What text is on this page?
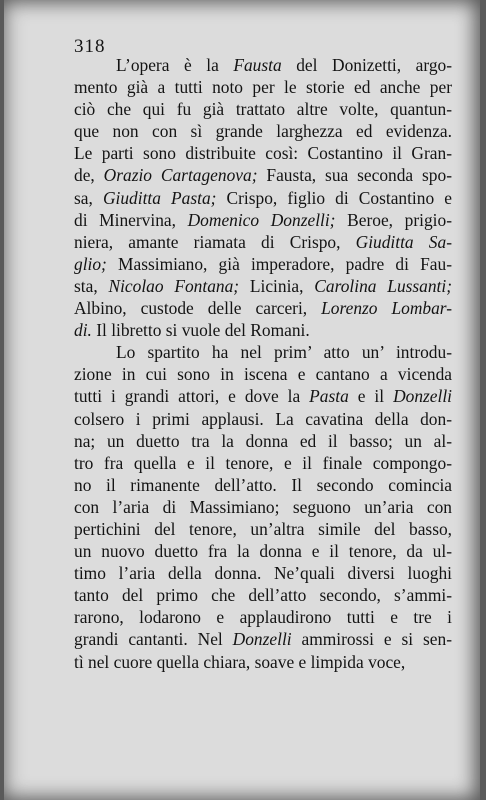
318
L’opera è la Fausta del Donizetti, argo-
mento già a tutti noto per le storie ed anche per
ciò che qui fu già trattato altre volte, quantun-
que non con sì grande larghezza ed evidenza.
Le parti sono distribuite così: Costantino il Gran-
de, Orazio Cartagenova; Fausta, sua seconda spo-
sa, Giuditta Pasta; Crispo, figlio di Costantino e
di Minervina, Domenico Donzelli; Beroe, prigio-
niera, amante riamata di Crispo, Giuditta Sa-
glio; Massimiano, già imperadore, padre di Fau-
sta, Nicolao Fontana; Licinia, Carolina Lussanti;
Albino, custode delle carceri, Lorenzo Lombar-
di. Il libretto si vuole del Romani.
Lo spartito ha nel prim’ atto un’ introdu-
zione in cui sono in iscena e cantano a vicenda
tutti i grandi attori, e dove la Pasta e il Donzelli
colsero i primi applausi. La cavatina della don-
na; un duetto tra la donna ed il basso; un al-
tro fra quella e il tenore, e il finale compongo-
no il rimanente dell’atto. Il secondo comincia
con l’aria di Massimiano; seguono un’aria con
pertichini del tenore, un’altra simile del basso,
un nuovo duetto fra la donna e il tenore, da ul-
timo l’aria della donna. Ne’quali diversi luoghi
tanto del primo che dell’atto secondo, s’ammi-
rarono, lodarono e applaudirono tutti e tre i
grandi cantanti. Nel Donzelli ammirossi e si sen-
tì nel cuore quella chiara, soave e limpida voce,
